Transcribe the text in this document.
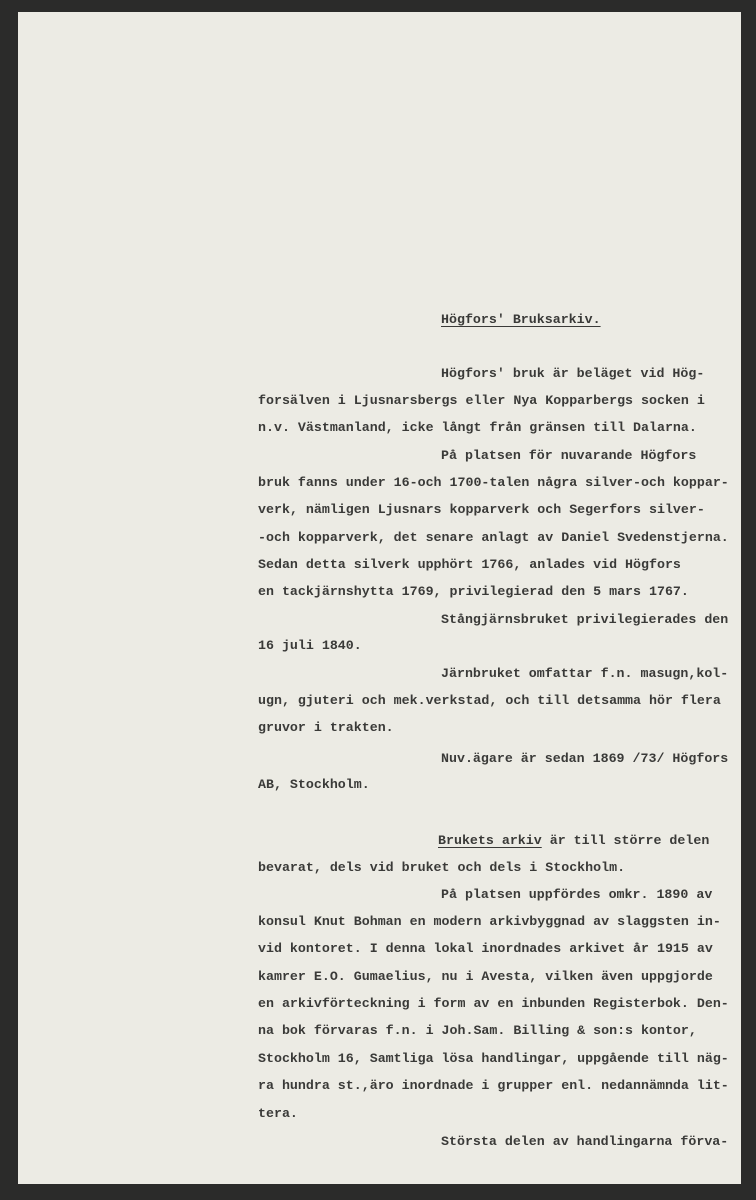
Högfors' Bruksarkiv.
Brukets arkiv är till större delen
Största delen av handlingarna förva-
Högfors' bruk är beläget vid Hög-
forsälven i Ljusnarsbergs eller Nya Kopparbergs socken i
n.v. Västmanland, icke långt från gränsen till Dalarna.
På platsen för nuvarande Högfors
bruk fanns under 16-och 1700-talen några silver-och koppar-
verk, nämligen Ljusnars kopparverk och Segerfors silver-
-och kopparverk, det senare anlagt av Daniel Svedenstjerna.
Sedan detta silverk upphört 1766, anlades vid Högfors
en tackjärnshytta 1769, privilegierad den 5 mars 1767.
Stångjärnsbruket privilegierades den
16 juli 1840.
Järnbruket omfattar f.n. masugn,kol-
ugn, gjuteri och mek.verkstad, och till detsamma hör flera
gruvor i trakten.
Nuv.ägare är sedan 1869 /73/ Högfors
AB, Stockholm.
bevarat, dels vid bruket och dels i Stockholm.
På platsen uppfördes omkr. 1890 av
konsul Knut Bohman en modern arkivbyggnad av slaggsten in-
vid kontoret. I denna lokal inordnades arkivet år 1915 av
kamrer E.O. Gumaelius, nu i Avesta, vilken även uppgjorde
en arkivförteckning i form av en inbunden Registerbok. Den-
na bok förvaras f.n. i Joh.Sam. Billing & son:s kontor,
Stockholm 16, Samtliga lösa handlingar, uppgående till näg-
ra hundra st.,äro inordnade i grupper enl. nedannämnda lit-
tera.
